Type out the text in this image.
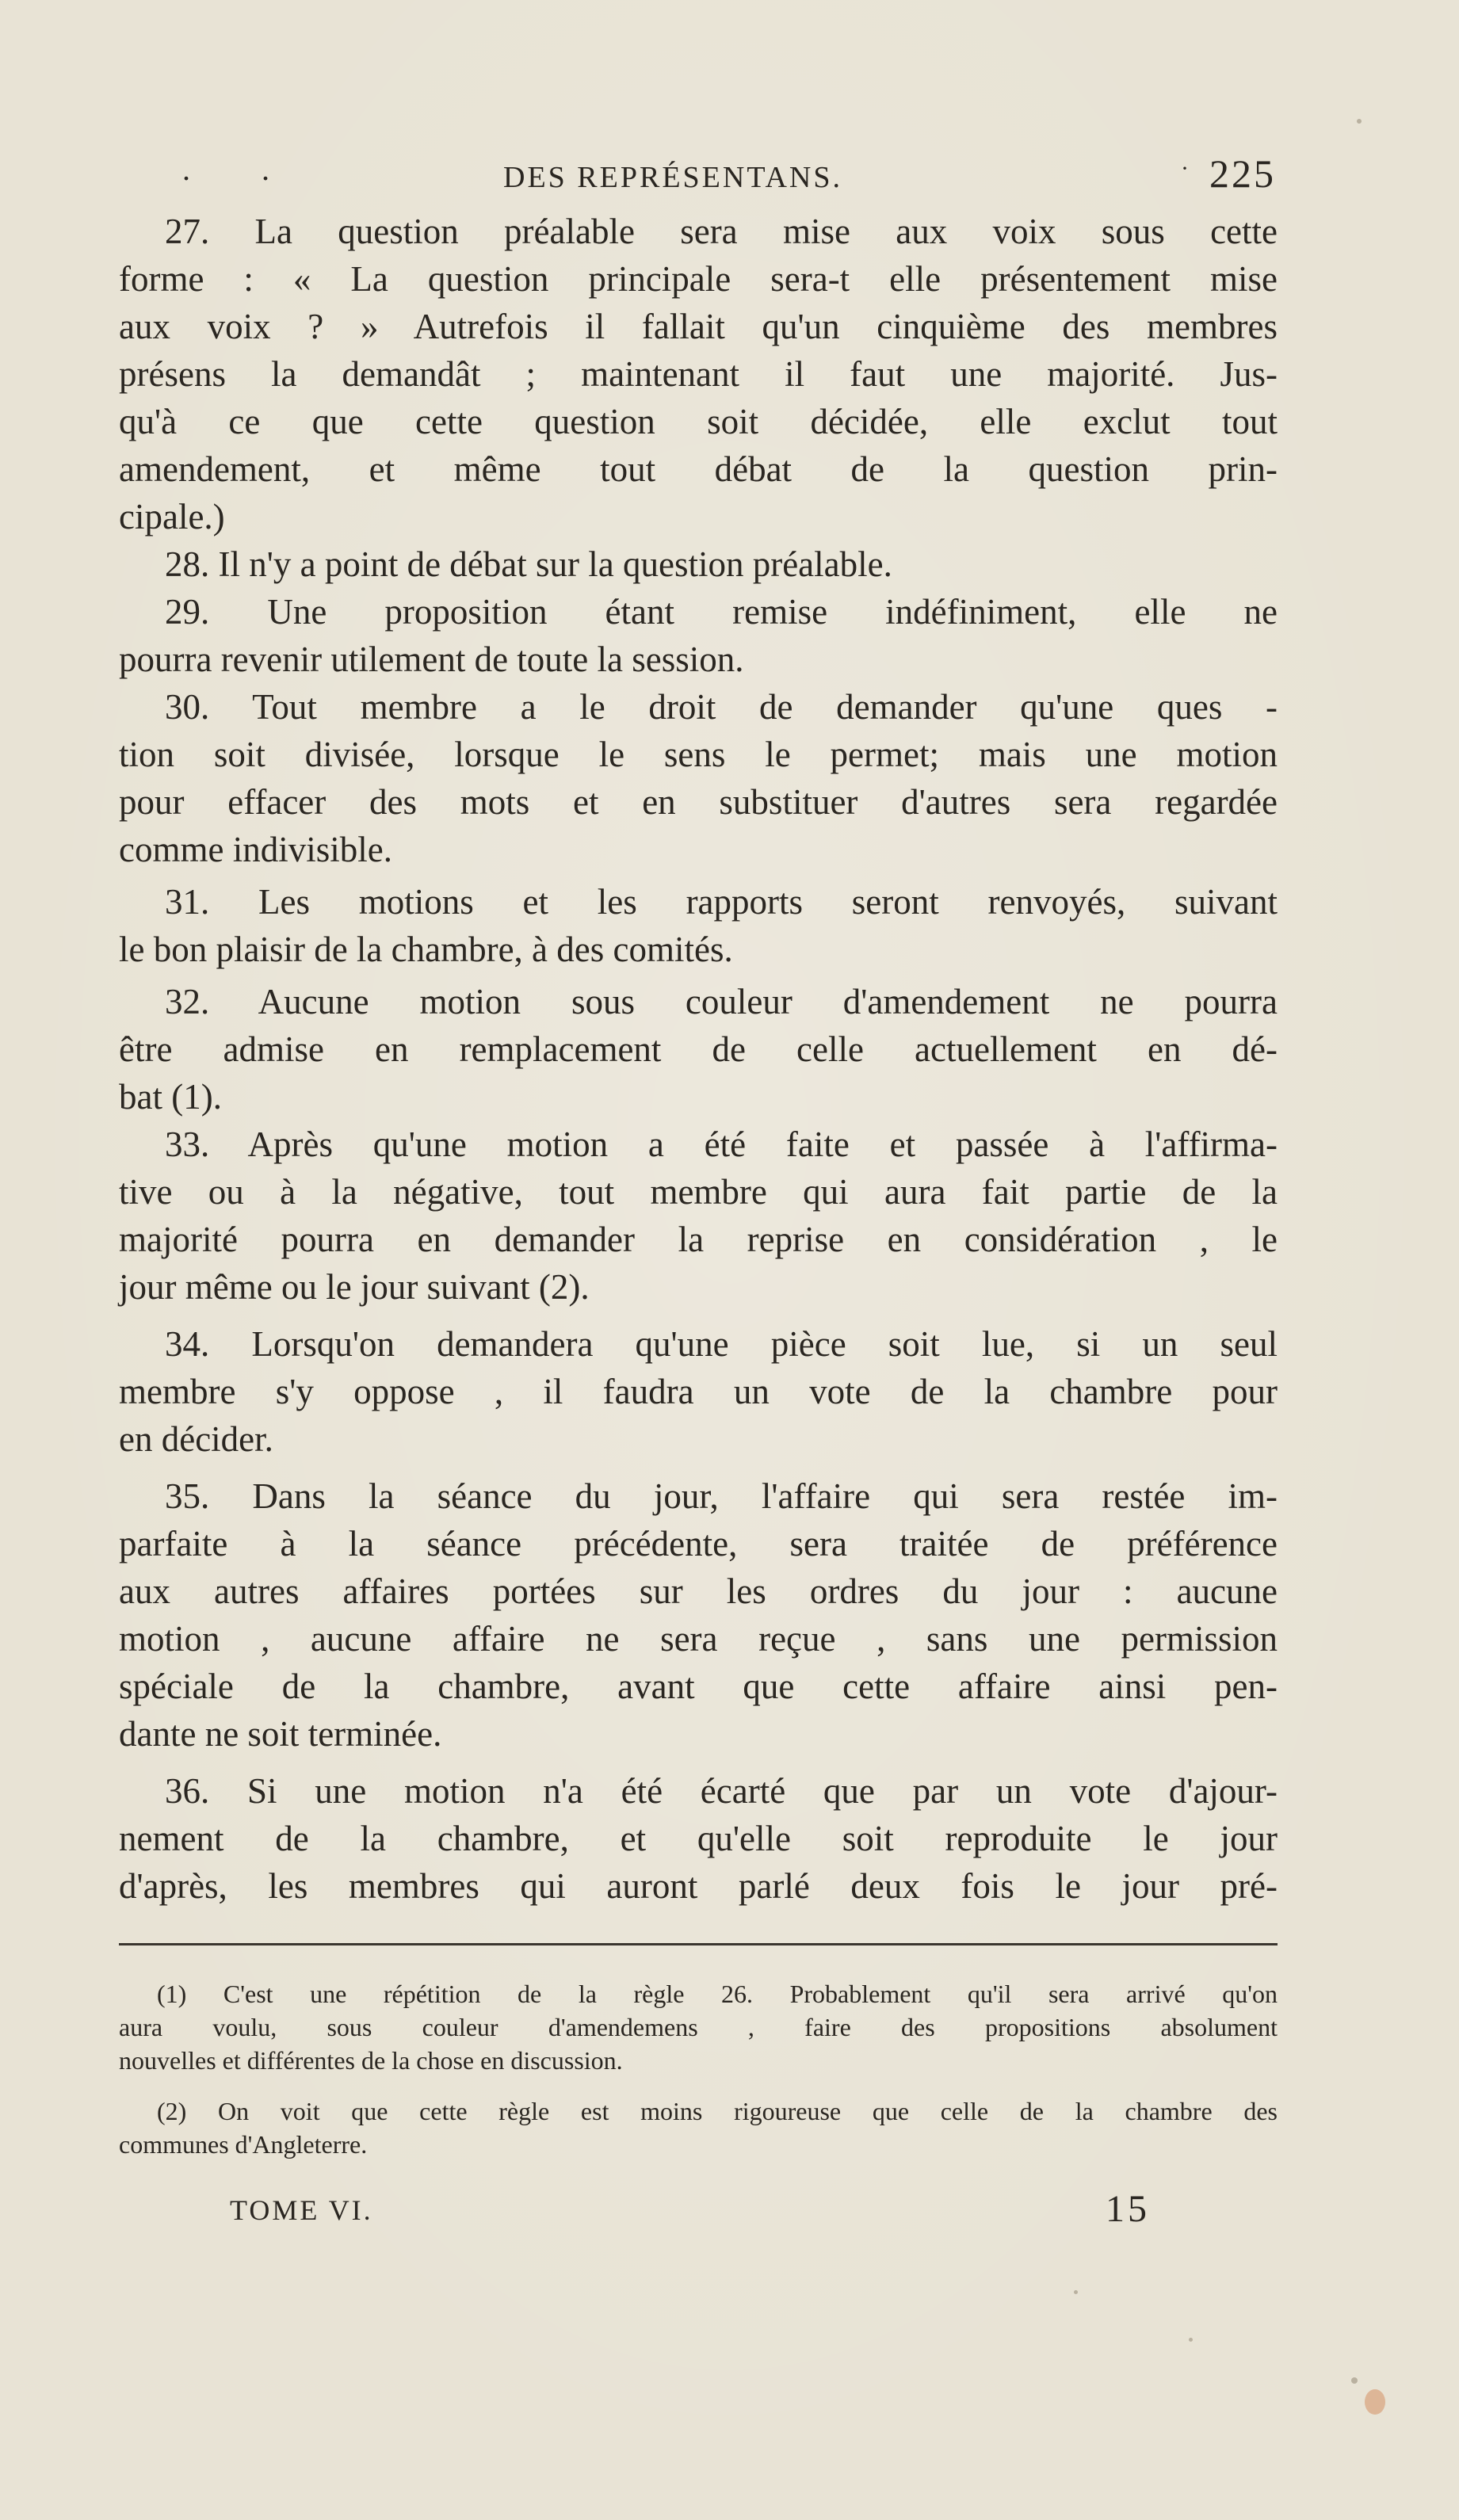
. .	DES REPRÉSENTANS.	· 225
27. La question préalable sera mise aux voix sous cette
forme : « La question principale sera-t elle présentement mise
aux voix ? » Autrefois il fallait qu'un cinquième des membres
présens la demandât ; maintenant il faut une majorité. Jus-
qu'à ce que cette question soit décidée, elle exclut tout
amendement, et même tout débat de la question prin-
cipale.)
28. Il n'y a point de débat sur la question préalable.
29. Une proposition étant remise indéfiniment, elle ne
pourra revenir utilement de toute la session.
30. Tout membre a le droit de demander qu'une ques -
tion soit divisée, lorsque le sens le permet; mais une motion
pour effacer des mots et en substituer d'autres sera regardée
comme indivisible.
31. Les motions et les rapports seront renvoyés, suivant
le bon plaisir de la chambre, à des comités.
32. Aucune motion sous couleur d'amendement ne pourra
être admise en remplacement de celle actuellement en dé-
bat (1).
33. Après qu'une motion a été faite et passée à l'affirma-
tive ou à la négative, tout membre qui aura fait partie de la
majorité pourra en demander la reprise en considération , le
jour même ou le jour suivant (2).
34. Lorsqu'on demandera qu'une pièce soit lue, si un seul
membre s'y oppose , il faudra un vote de la chambre pour
en décider.
35. Dans la séance du jour, l'affaire qui sera restée im-
parfaite à la séance précédente, sera traitée de préférence
aux autres affaires portées sur les ordres du jour : aucune
motion , aucune affaire ne sera reçue , sans une permission
spéciale de la chambre, avant que cette affaire ainsi pen-
dante ne soit terminée.
36. Si une motion n'a été écarté que par un vote d'ajour-
nement de la chambre, et qu'elle soit reproduite le jour
d'après, les membres qui auront parlé deux fois le jour pré-
(1) C'est une répétition de la règle 26. Probablement qu'il sera arrivé qu'on
aura voulu, sous couleur d'amendemens , faire des propositions absolument
nouvelles et différentes de la chose en discussion.
(2) On voit que cette règle est moins rigoureuse que celle de la chambre des
communes d'Angleterre.
TOME VI.	15
